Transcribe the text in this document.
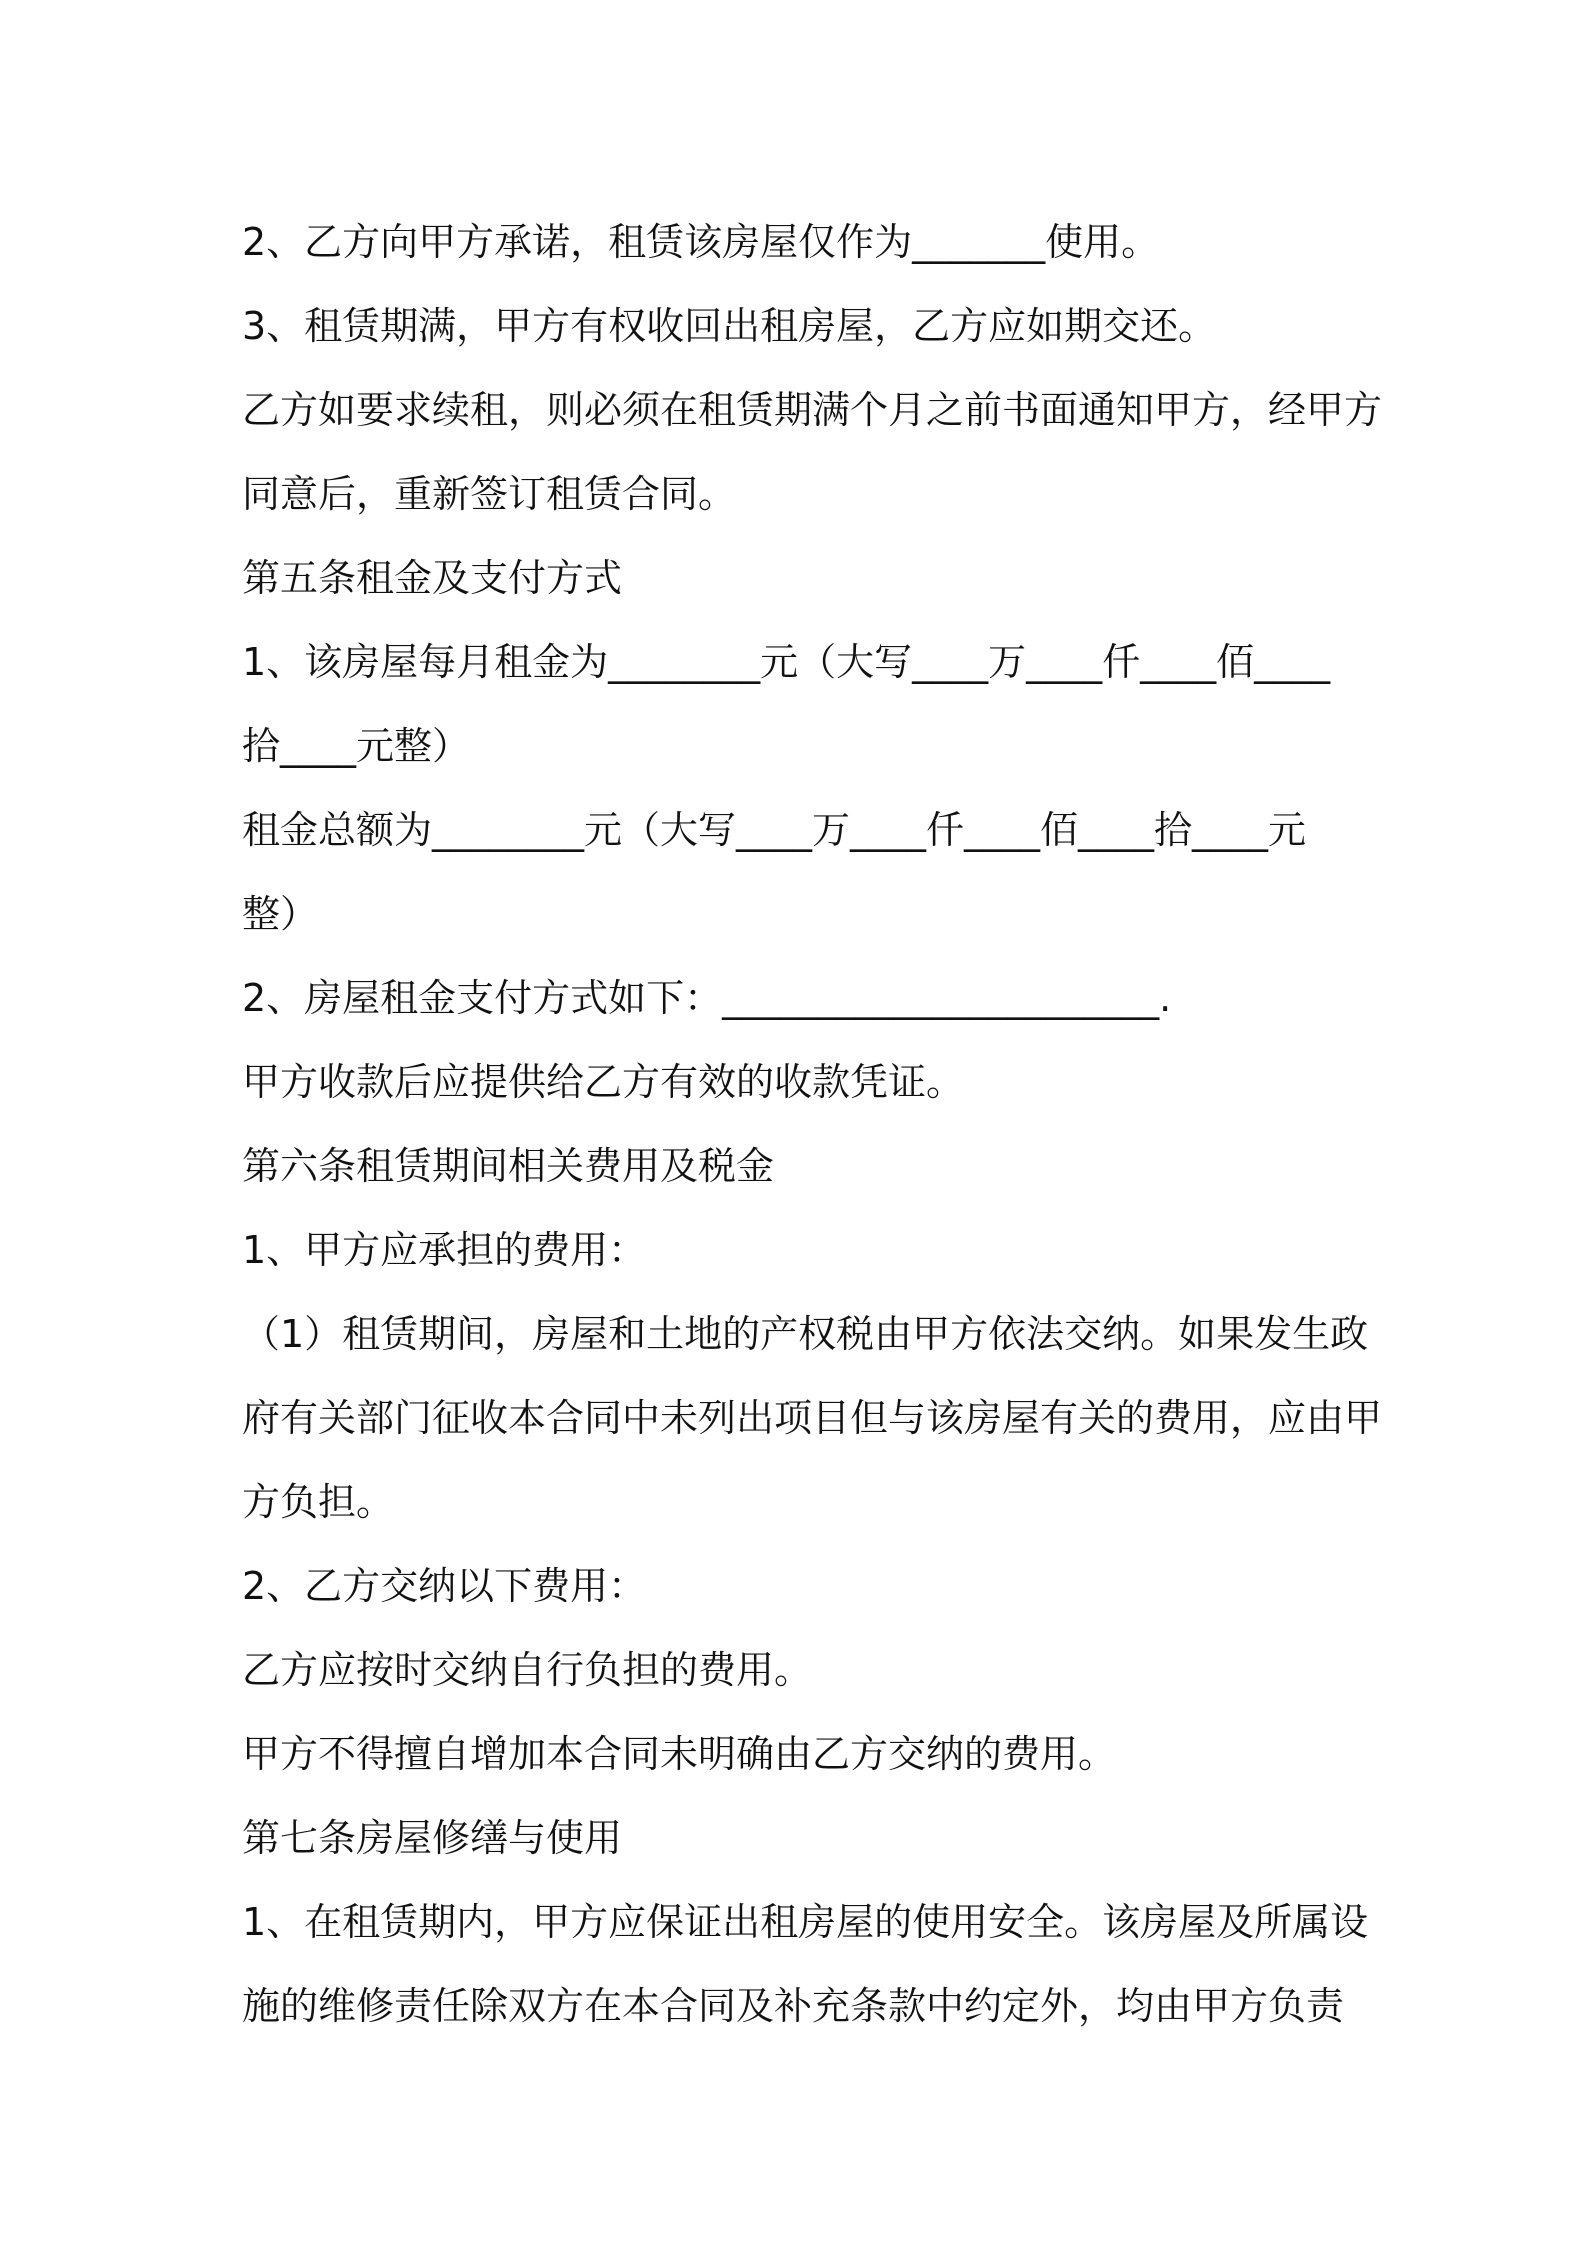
2、乙方向甲方承诺，租赁该房屋仅作为_______使用。
3、租赁期满，甲方有权收回出租房屋，乙方应如期交还。
乙方如要求续租，则必须在租赁期满个月之前书面通知甲方，经甲方
同意后，重新签订租赁合同。
第五条租金及支付方式
1、该房屋每月租金为________元（大写____万____仟____佰____
拾____元整）
租金总额为________元（大写____万____仟____佰____拾____元
整）
2、房屋租金支付方式如下：_______________________.
甲方收款后应提供给乙方有效的收款凭证。
第六条租赁期间相关费用及税金
1、甲方应承担的费用：
（1）租赁期间，房屋和土地的产权税由甲方依法交纳。如果发生政
府有关部门征收本合同中未列出项目但与该房屋有关的费用，应由甲
方负担。
2、乙方交纳以下费用：
乙方应按时交纳自行负担的费用。
甲方不得擅自增加本合同未明确由乙方交纳的费用。
第七条房屋修缮与使用
1、在租赁期内，甲方应保证出租房屋的使用安全。该房屋及所属设
施的维修责任除双方在本合同及补充条款中约定外，均由甲方负责
